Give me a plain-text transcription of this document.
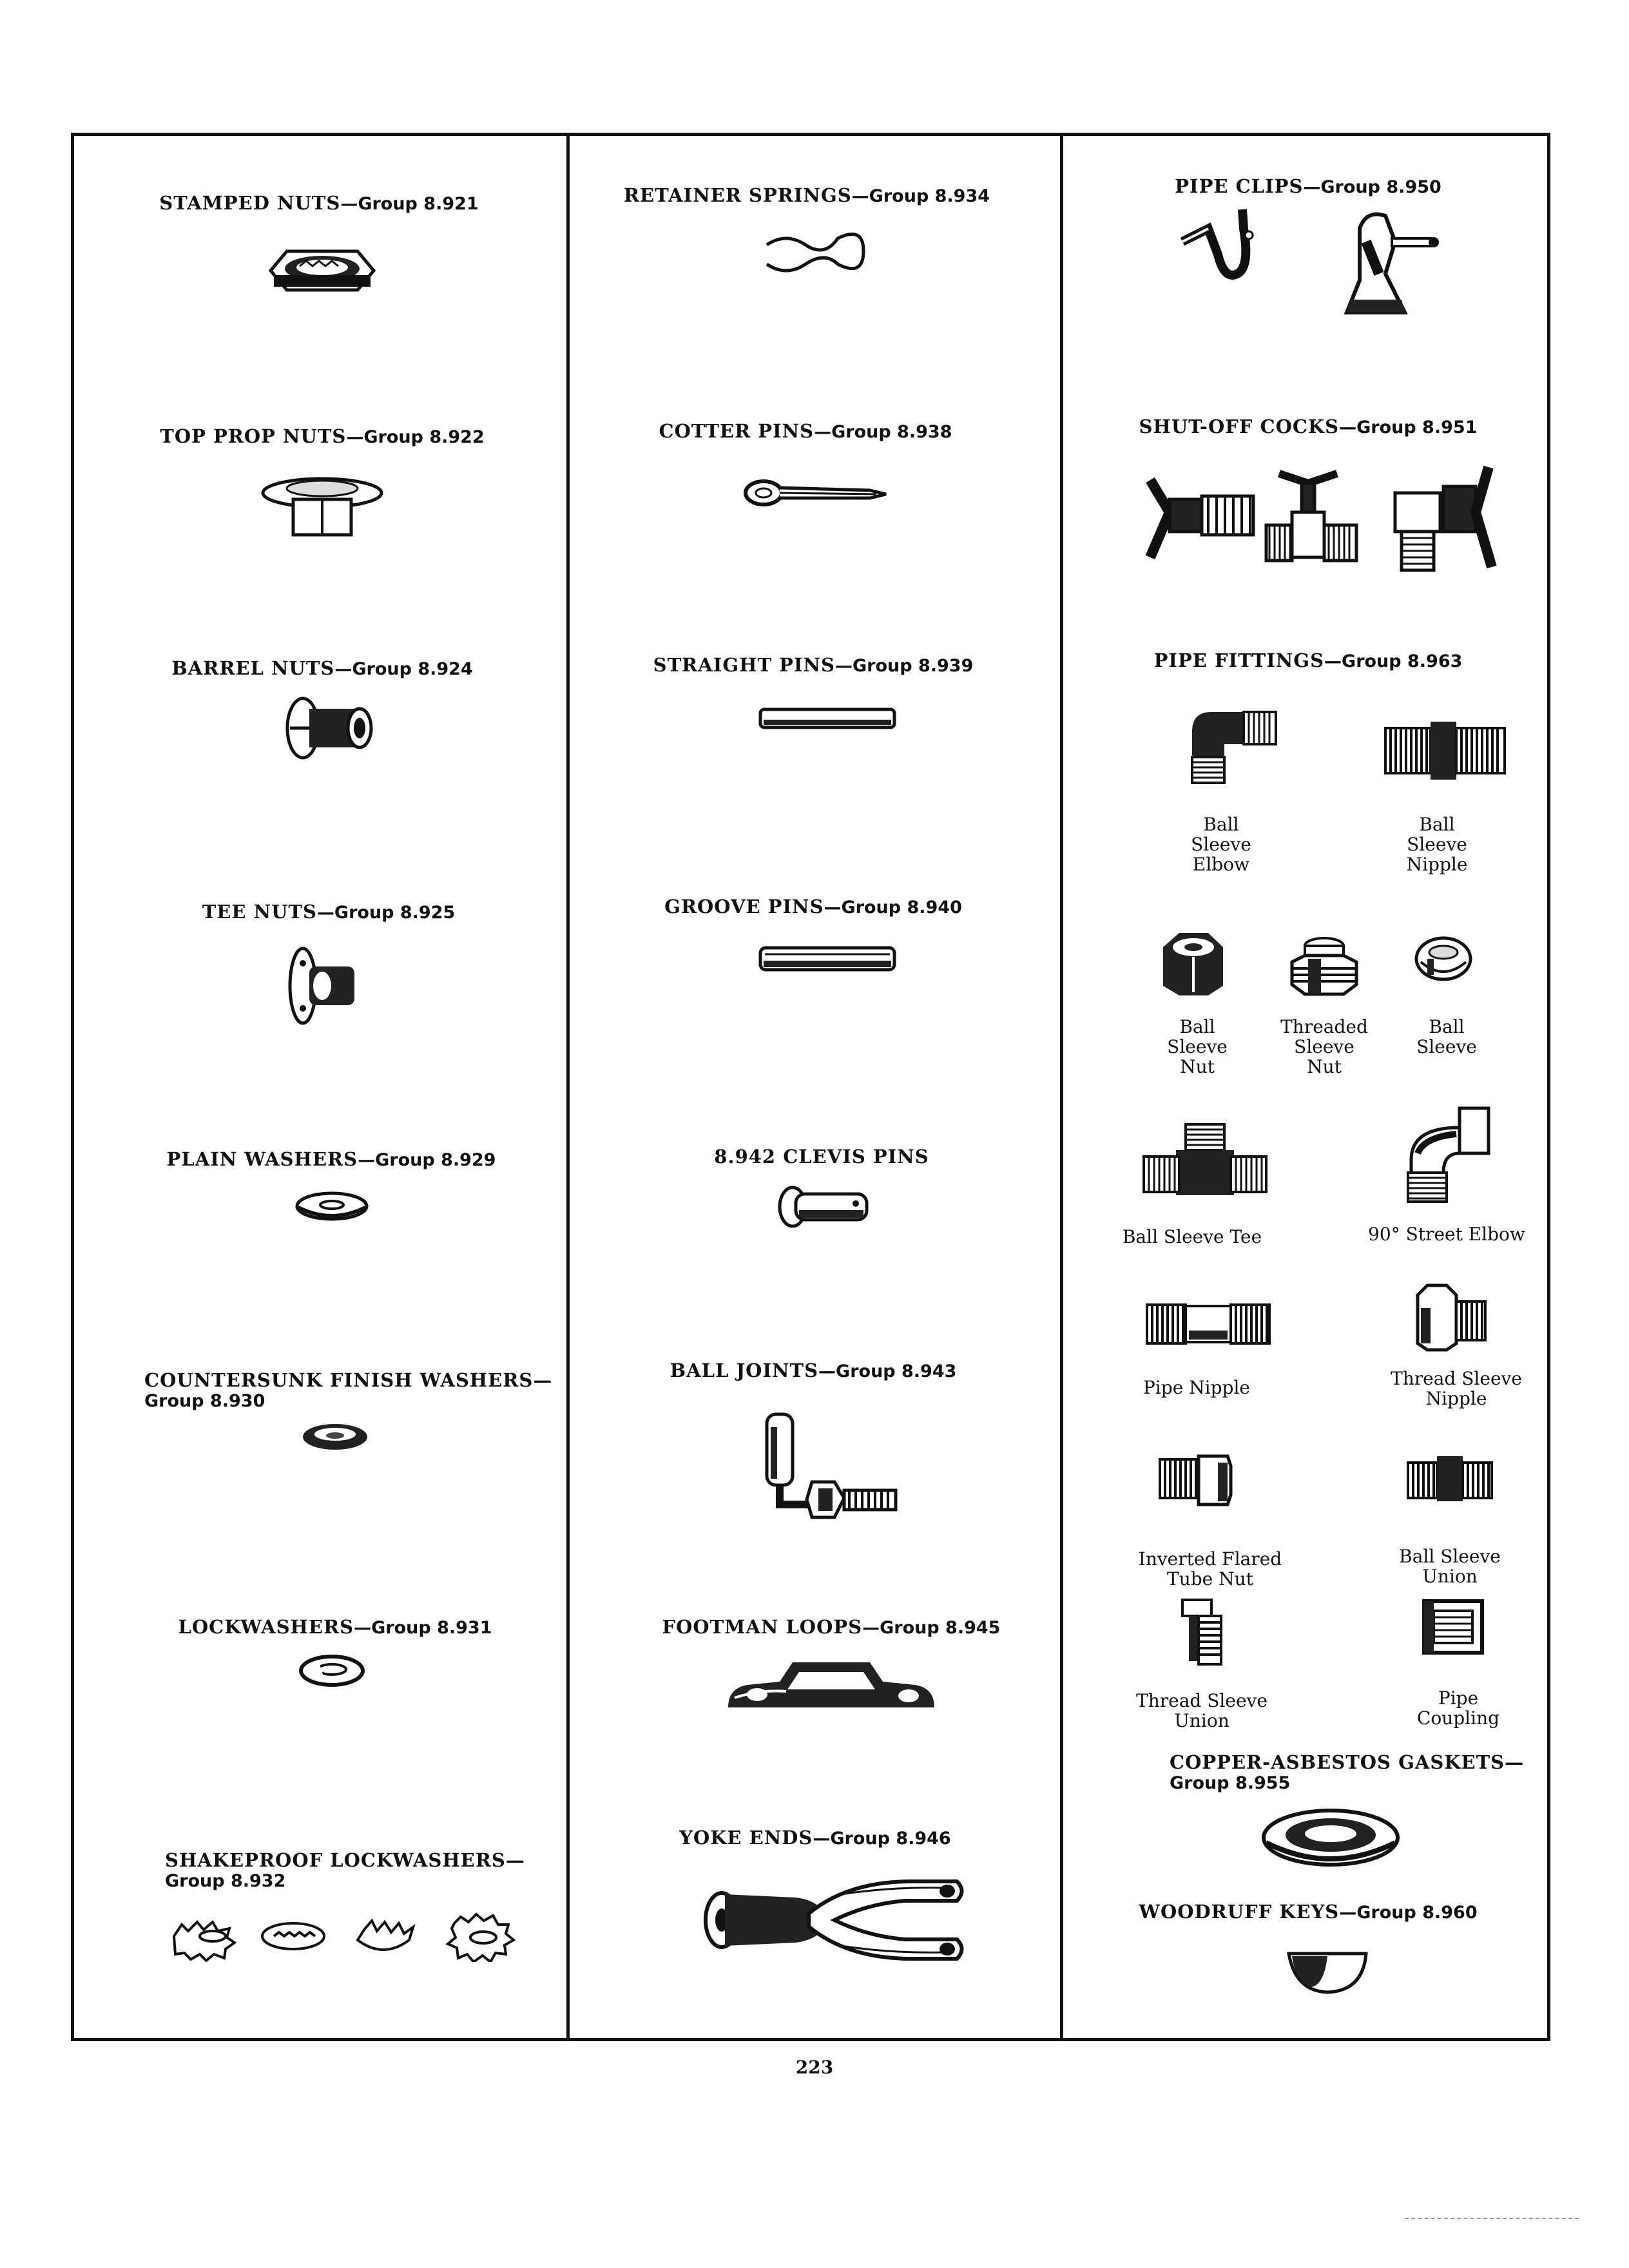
STAMPED NUTS—Group 8.921
TOP PROP NUTS—Group 8.922
BARREL NUTS—Group 8.924
TEE NUTS—Group 8.925
PLAIN WASHERS—Group 8.929
COUNTERSUNK FINISH WASHERS—
Group 8.930
LOCKWASHERS—Group 8.931
SHAKEPROOF LOCKWASHERS—
Group 8.932
RETAINER SPRINGS—Group 8.934
COTTER PINS—Group 8.938
STRAIGHT PINS—Group 8.939
GROOVE PINS—Group 8.940
8.942 CLEVIS PINS
BALL JOINTS—Group 8.943
FOOTMAN LOOPS—Group 8.945
YOKE ENDS—Group 8.946
PIPE CLIPS—Group 8.950
SHUT-OFF COCKS—Group 8.951
PIPE FITTINGS—Group 8.963
Ball
Sleeve
Elbow
Ball
Sleeve
Nipple
Ball
Sleeve
Nut
Threaded
Sleeve
Nut
Ball
Sleeve
Ball Sleeve Tee	90° Street Elbow
Pipe Nipple	Thread Sleeve
Nipple
Inverted Flared
Tube Nut
Ball Sleeve
Union
Thread Sleeve
Union
Pipe
Coupling
COPPER-ASBESTOS GASKETS—
Group 8.955
WOODRUFF KEYS—Group 8.960
223
